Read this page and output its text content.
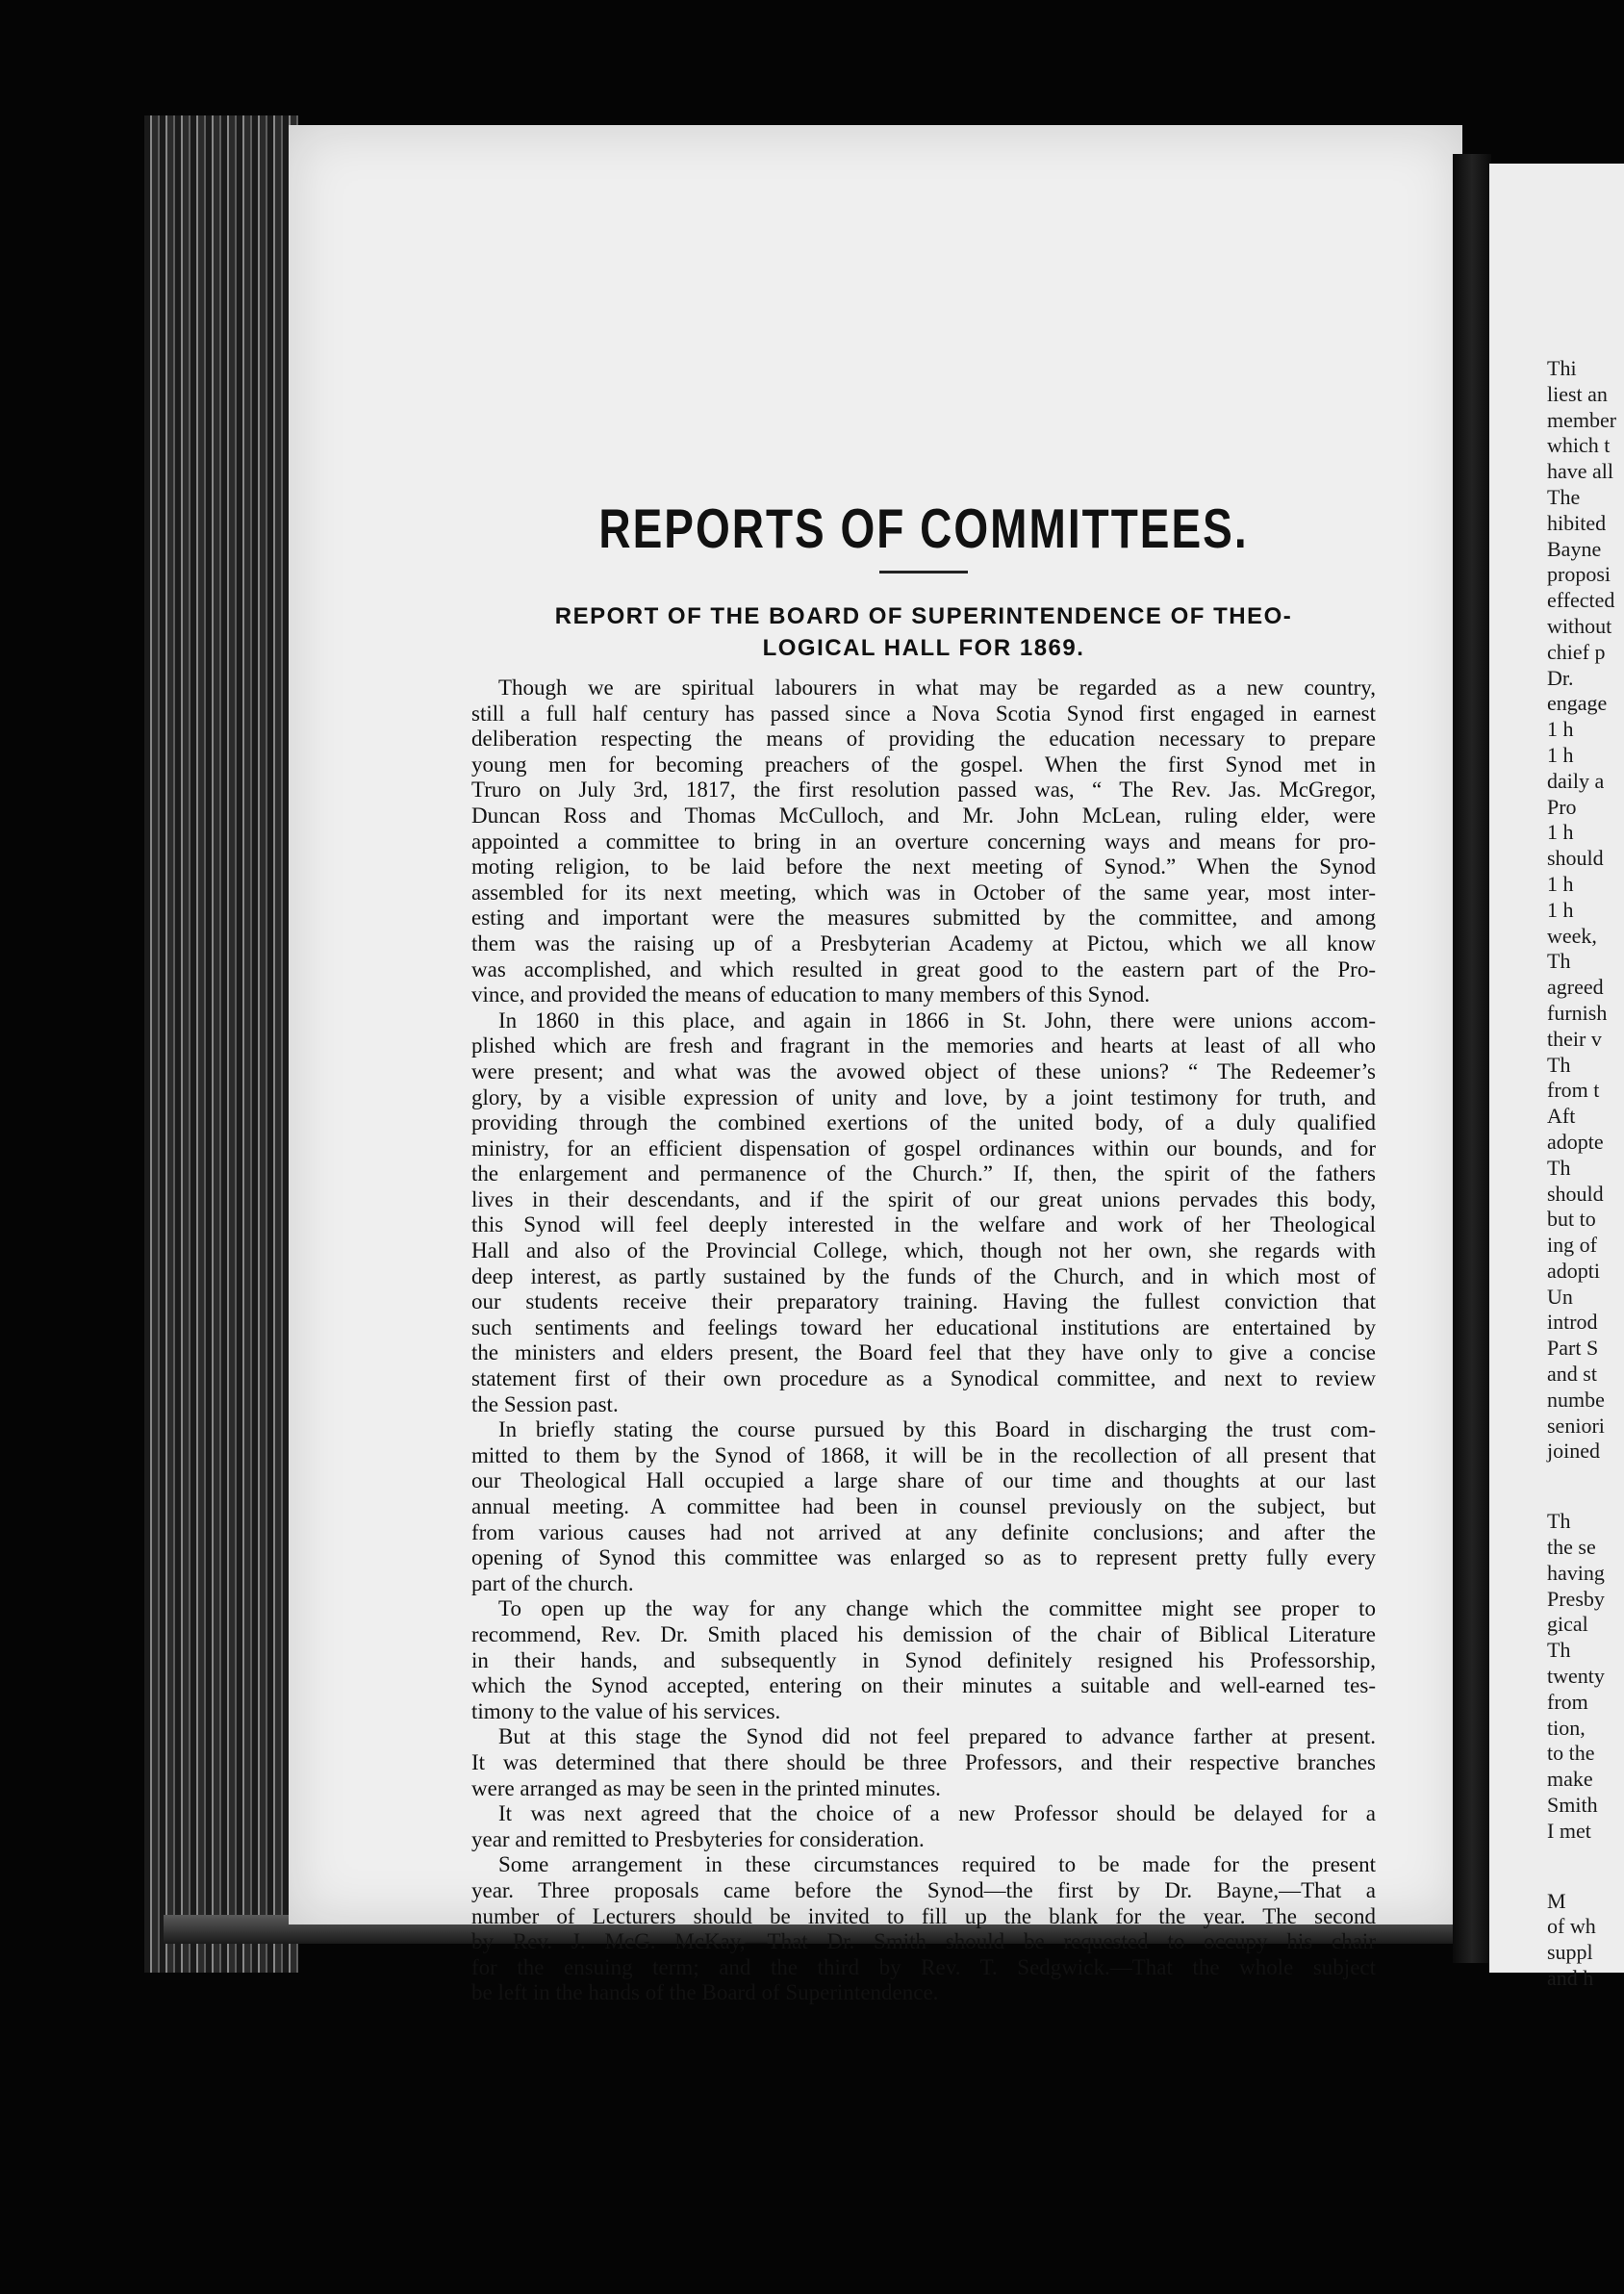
Thi
liest an
member
which t
have all
The
hibited
Bayne
proposi
effected
without
chief p
Dr.
engage
1 h
1 h
daily a
Pro
1 h
should
1 h
1 h
week,
Th
agreed
furnish
their v
Th
from t
Aft
adopte
Th
should
but to
ing of
adopti
Un
introd
Part S
and st
numbe
seniori
joined
Th
the se
having
Presby
gical
Th
twenty
from
tion,
to the
make
Smith
I met
M
of wh
suppl
and h
REPORTS OF COMMITTEES.
REPORT OF THE BOARD OF SUPERINTENDENCE OF THEO-
LOGICAL HALL FOR 1869.

Though we are spiritual labourers in what may be regarded as a new country,
still a full half century has passed since a Nova Scotia Synod first engaged in earnest
deliberation respecting the means of providing the education necessary to prepare
young men for becoming preachers of the gospel. When the first Synod met in
Truro on July 3rd, 1817, the first resolution passed was, “ The Rev. Jas. McGregor,
Duncan Ross and Thomas McCulloch, and Mr. John McLean, ruling elder, were
appointed a committee to bring in an overture concerning ways and means for pro-
moting religion, to be laid before the next meeting of Synod.” When the Synod
assembled for its next meeting, which was in October of the same year, most inter-
esting and important were the measures submitted by the committee, and among
them was the raising up of a Presbyterian Academy at Pictou, which we all know
was accomplished, and which resulted in great good to the eastern part of the Pro-
vince, and provided the means of education to many members of this Synod.

In 1860 in this place, and again in 1866 in St. John, there were unions accom-
plished which are fresh and fragrant in the memories and hearts at least of all who
were present; and what was the avowed object of these unions? “ The Redeemer’s
glory, by a visible expression of unity and love, by a joint testimony for truth, and
providing through the combined exertions of the united body, of a duly qualified
ministry, for an efficient dispensation of gospel ordinances within our bounds, and for
the enlargement and permanence of the Church.” If, then, the spirit of the fathers
lives in their descendants, and if the spirit of our great unions pervades this body,
this Synod will feel deeply interested in the welfare and work of her Theological
Hall and also of the Provincial College, which, though not her own, she regards with
deep interest, as partly sustained by the funds of the Church, and in which most of
our students receive their preparatory training. Having the fullest conviction that
such sentiments and feelings toward her educational institutions are entertained by
the ministers and elders present, the Board feel that they have only to give a concise
statement first of their own procedure as a Synodical committee, and next to review
the Session past.

In briefly stating the course pursued by this Board in discharging the trust com-
mitted to them by the Synod of 1868, it will be in the recollection of all present that
our Theological Hall occupied a large share of our time and thoughts at our last
annual meeting. A committee had been in counsel previously on the subject, but
from various causes had not arrived at any definite conclusions; and after the
opening of Synod this committee was enlarged so as to represent pretty fully every
part of the church.

To open up the way for any change which the committee might see proper to
recommend, Rev. Dr. Smith placed his demission of the chair of Biblical Literature
in their hands, and subsequently in Synod definitely resigned his Professorship,
which the Synod accepted, entering on their minutes a suitable and well-earned tes-
timony to the value of his services.

But at this stage the Synod did not feel prepared to advance farther at present.
It was determined that there should be three Professors, and their respective branches
were arranged as may be seen in the printed minutes.

It was next agreed that the choice of a new Professor should be delayed for a
year and remitted to Presbyteries for consideration.

Some arrangement in these circumstances required to be made for the present
year. Three proposals came before the Synod—the first by Dr. Bayne,—That a
number of Lecturers should be invited to fill up the blank for the year. The second
by Rev. J. McG. McKay,—That Dr. Smith should be requested to occupy his chair
for the ensuing term; and the third by Rev. T. Sedgwick.—That the whole subject
be left in the hands of the Board of Superintendence.
